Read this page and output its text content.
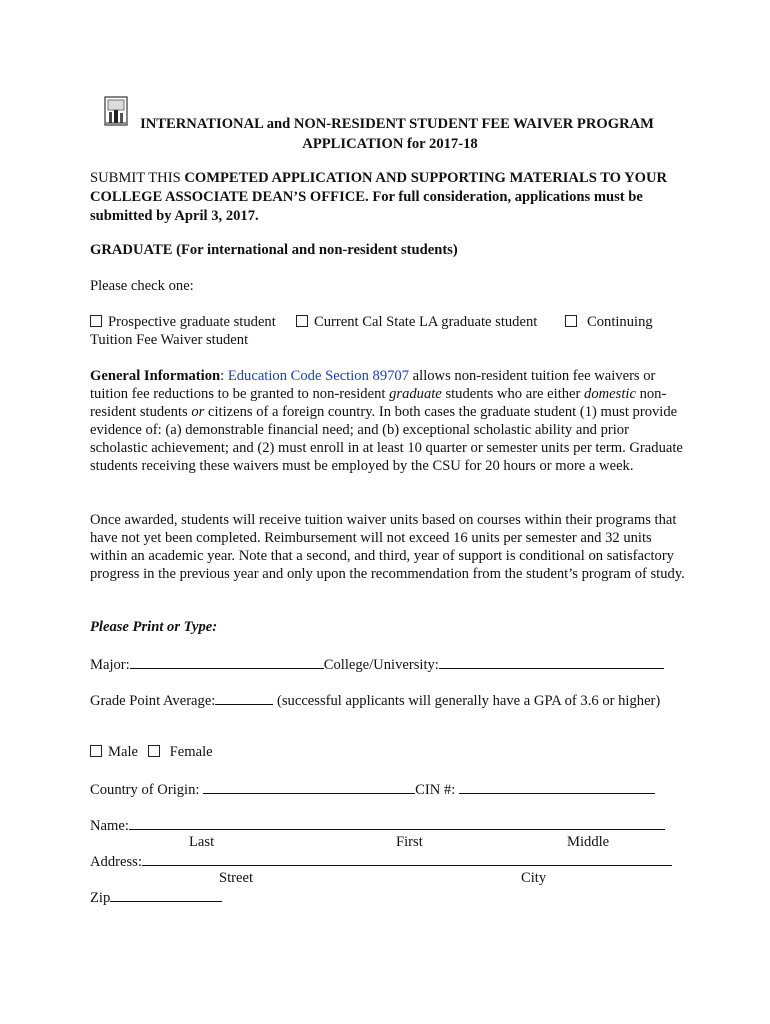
INTERNATIONAL and NON-RESIDENT STUDENT FEE WAIVER PROGRAM
APPLICATION for 2017-18
SUBMIT THIS COMPETED APPLICATION AND SUPPORTING MATERIALS TO YOUR COLLEGE ASSOCIATE DEAN’S OFFICE. For full consideration, applications must be submitted by April 3, 2017.
GRADUATE (For international and non-resident students)
Please check one:
Prospective graduate student	Current Cal State LA graduate student	Continuing
Tuition Fee Waiver student
General Information: Education Code Section 89707 allows non-resident tuition fee waivers or tuition fee reductions to be granted to non-resident graduate students who are either domestic non-resident students or citizens of a foreign country. In both cases the graduate student (1) must provide evidence of: (a) demonstrable financial need; and (b) exceptional scholastic ability and prior scholastic achievement; and (2) must enroll in at least 10 quarter or semester units per term. Graduate students receiving these waivers must be employed by the CSU for 20 hours or more a week.
Once awarded, students will receive tuition waiver units based on courses within their programs that have not yet been completed. Reimbursement will not exceed 16 units per semester and 32 units within an academic year. Note that a second, and third, year of support is conditional on satisfactory progress in the previous year and only upon the recommendation from the student’s program of study.
Please Print or Type:
Major:	College/University:
Grade Point Average:	(successful applicants will generally have a GPA of 3.6 or higher)
Male Female
Country of Origin:	CIN #:
Name:
Last	First	Middle
Address:
Street	City
Zip
